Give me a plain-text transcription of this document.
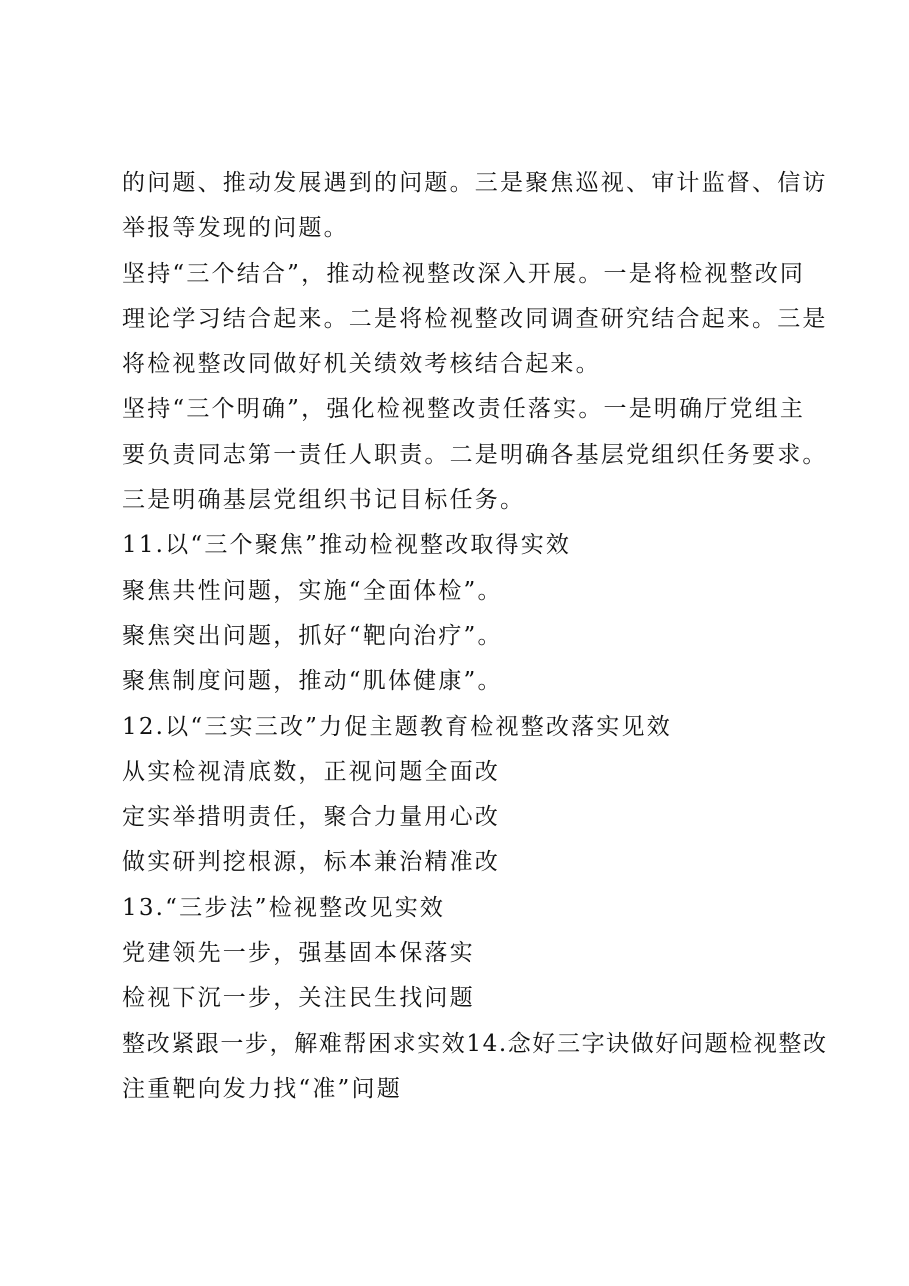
的问题、推动发展遇到的问题。三是聚焦巡视、审计监督、信访

举报等发现的问题。

坚持“三个结合”，推动检视整改深入开展。一是将检视整改同

理论学习结合起来。二是将检视整改同调查研究结合起来。三是

将检视整改同做好机关绩效考核结合起来。

坚持“三个明确”，强化检视整改责任落实。一是明确厅党组主

要负责同志第一责任人职责。二是明确各基层党组织任务要求。

三是明确基层党组织书记目标任务。

11.以“三个聚焦”推动检视整改取得实效

聚焦共性问题，实施“全面体检”。

聚焦突出问题，抓好“靶向治疗”。

聚焦制度问题，推动“肌体健康”。

12.以“三实三改”力促主题教育检视整改落实见效

从实检视清底数，正视问题全面改

定实举措明责任，聚合力量用心改

做实研判挖根源，标本兼治精准改

13.“三步法”检视整改见实效

党建领先一步，强基固本保落实

检视下沉一步，关注民生找问题

整改紧跟一步，解难帮困求实效14.念好三字诀做好问题检视整改

注重靶向发力找“准”问题
